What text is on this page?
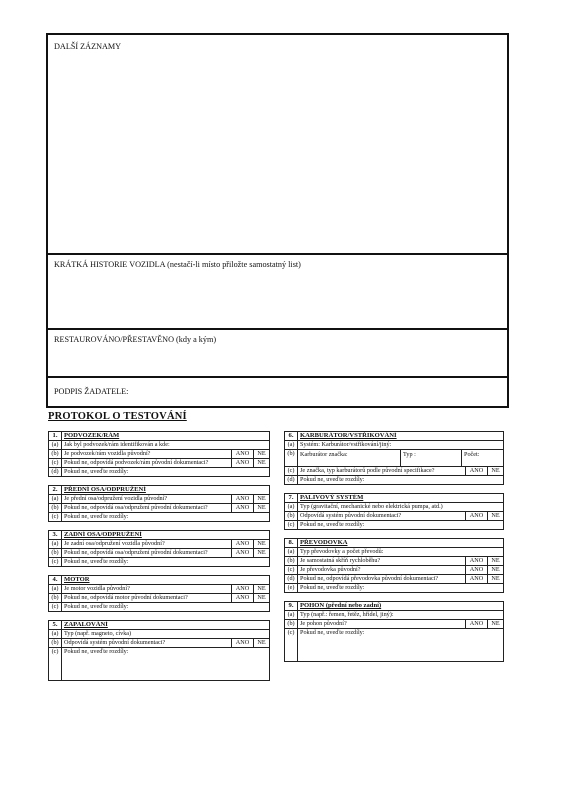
DALŠÍ ZÁZNAMY
KRÁTKÁ HISTORIE VOZIDLA (nestačí-li místo přiložte samostatný list)
RESTAUROVÁNO/PŘESTAVĚNO (kdy a kým)
PODPIS ŽADATELE:
PROTOKOL O TESTOVÁNÍ
1.	PODVOZEK/RÁM		
(a)	Jak byl podvozek/rám identifikován a kde:		
(b)	Je podvozek/rám vozidla původní?	ANO	NE
(c)	Pokud ne, odpovídá podvozek/rám původní dokumentaci?	ANO	NE
(d)	Pokud ne, uveďte rozdíly:		

2.	PŘEDNÍ OSA/ODPRUŽENÍ		
(a)	Je přední osa/odpružení vozidla původní?	ANO	NE
(b)	Pokud ne, odpovídá osa/odpružení původní dokumentaci?	ANO	NE
(c)	Pokud ne, uveďte rozdíly:		

3.	ZADNÍ OSA/ODPRUŽENÍ		
(a)	Je zadní osa/odpružení vozidla původní?	ANO	NE
(b)	Pokud ne, odpovídá osa/odpružení původní dokumentaci?	ANO	NE
(c)	Pokud ne, uveďte rozdíly:		

4.	MOTOR		
(a)	Je motor vozidla původní?	ANO	NE
(b)	Pokud ne, odpovídá motor původní dokumentaci?	ANO	NE
(c)	Pokud ne, uveďte rozdíly:		

5.	ZAPALOVÁNÍ		
(a)	Typ (např. magneto, cívka)		
(b)	Odpovídá systém původní dokumentaci?	ANO	NE
(c)	Pokud ne, uveďte rozdíly:		
6.	KARBURÁTOR/VSTŘIKOVÁNÍ		
(a)	Systém: Karburátor/vstřikování/jiný:		
(b)	Karburátor značka: Typ : Počet:		

(c)	Je značka, typ karburátorů podle původní specifikace?	ANO	NE
(d)	Pokud ne, uveďte rozdíly:		

7.	PALIVOVÝ SYSTÉM		
(a)	Typ (gravitační, mechanické nebo elektrická pumpa, atd.)		
(b)	Odpovídá systém původní dokumentaci?	ANO	NE
(c)	Pokud ne, uveďte rozdíly:		

8.	PŘEVODOVKA		
(a)	Typ převodovky a počet převodů:		
(b)	Je samostatná skříň rychloběhu?	ANO	NE
(c)	Je převodovka původní?	ANO	NE
(d)	Pokud ne, odpovídá převodovka původní dokumentaci?	ANO	NE
(e)	Pokud ne, uveďte rozdíly:		

9.	POHON (přední nebo zadní)		
(a)	Typ (např.: řemen, řetěz, hřídel, jiný):		
(b)	Je pohon původní?	ANO	NE
(c)	Pokud ne, uveďte rozdíly:		
